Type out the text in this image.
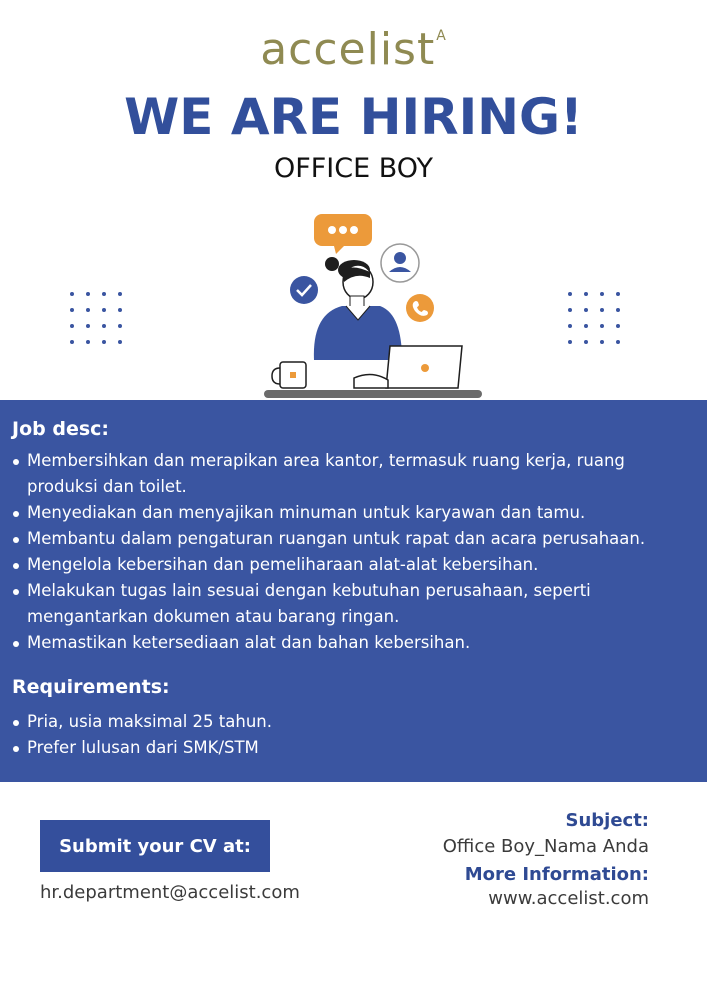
accelist$^A$
WE ARE HIRING!
OFFICE BOY
Job desc:
Membersihkan dan merapikan area kantor, termasuk ruang kerja, ruang produksi dan toilet.
Menyediakan dan menyajikan minuman untuk karyawan dan tamu.
Membantu dalam pengaturan ruangan untuk rapat dan acara perusahaan.
Mengelola kebersihan dan pemeliharaan alat-alat kebersihan.
Melakukan tugas lain sesuai dengan kebutuhan perusahaan, seperti mengantarkan dokumen atau barang ringan.
Memastikan ketersediaan alat dan bahan kebersihan.
Requirements:
Pria, usia maksimal 25 tahun.
Prefer lulusan dari SMK/STM
Submit your CV at:
hr.department@accelist.com
Subject:
Office Boy_Nama Anda
More Information:
www.accelist.com
